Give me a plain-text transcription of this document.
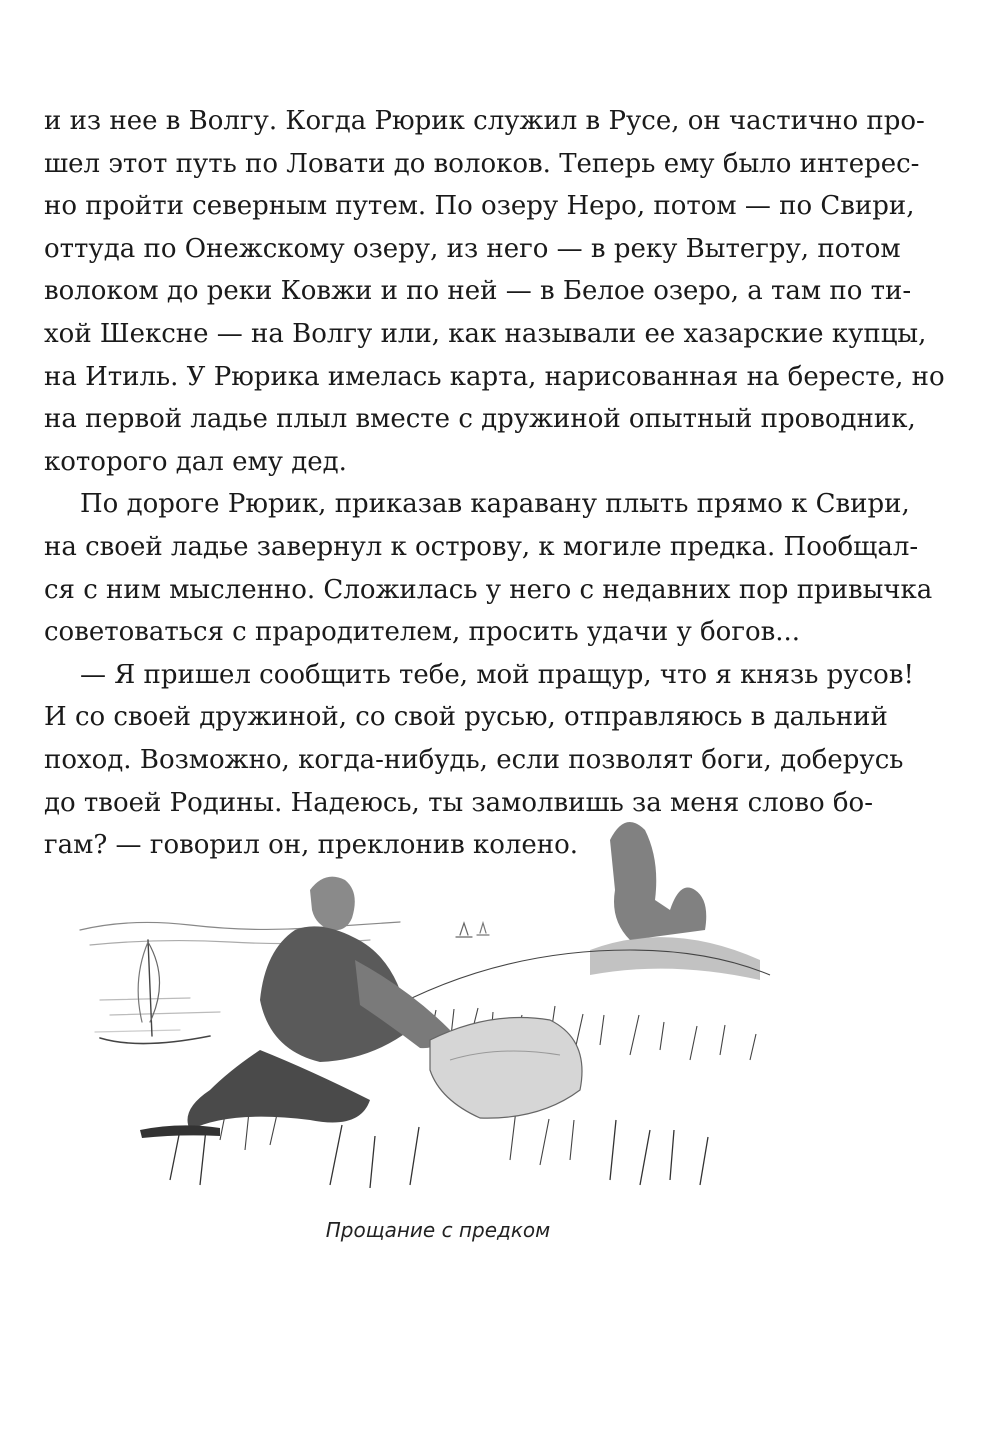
и из нее в Волгу. Когда Рюрик служил в Русе, он частично про-
шел этот путь по Ловати до волоков. Теперь ему было интерес-
но пройти северным путем. По озеру Неро, потом — по Свири,
оттуда по Онежскому озеру, из него — в реку Вытегру, потом
волоком до реки Ковжи и по ней — в Белое озеро, а там по ти-
хой Шексне — на Волгу или, как называли ее хазарские купцы,
на Итиль. У Рюрика имелась карта, нарисованная на бересте, но
на первой ладье плыл вместе с дружиной опытный проводник,
которого дал ему дед.
По дороге Рюрик, приказав каравану плыть прямо к Свири,
на своей ладье завернул к острову, к могиле предка. Пообщал-
ся с ним мысленно. Сложилась у него с недавних пор привычка
советоваться с прародителем, просить удачи у богов...
— Я пришел сообщить тебе, мой пращур, что я князь русов!
И со своей дружиной, со свой русью, отправляюсь в дальний
поход. Возможно, когда-нибудь, если позволят боги, доберусь
до твоей Родины. Надеюсь, ты замолвишь за меня слово бо-
гам? — говорил он, преклонив колено.
Прощание с предком
